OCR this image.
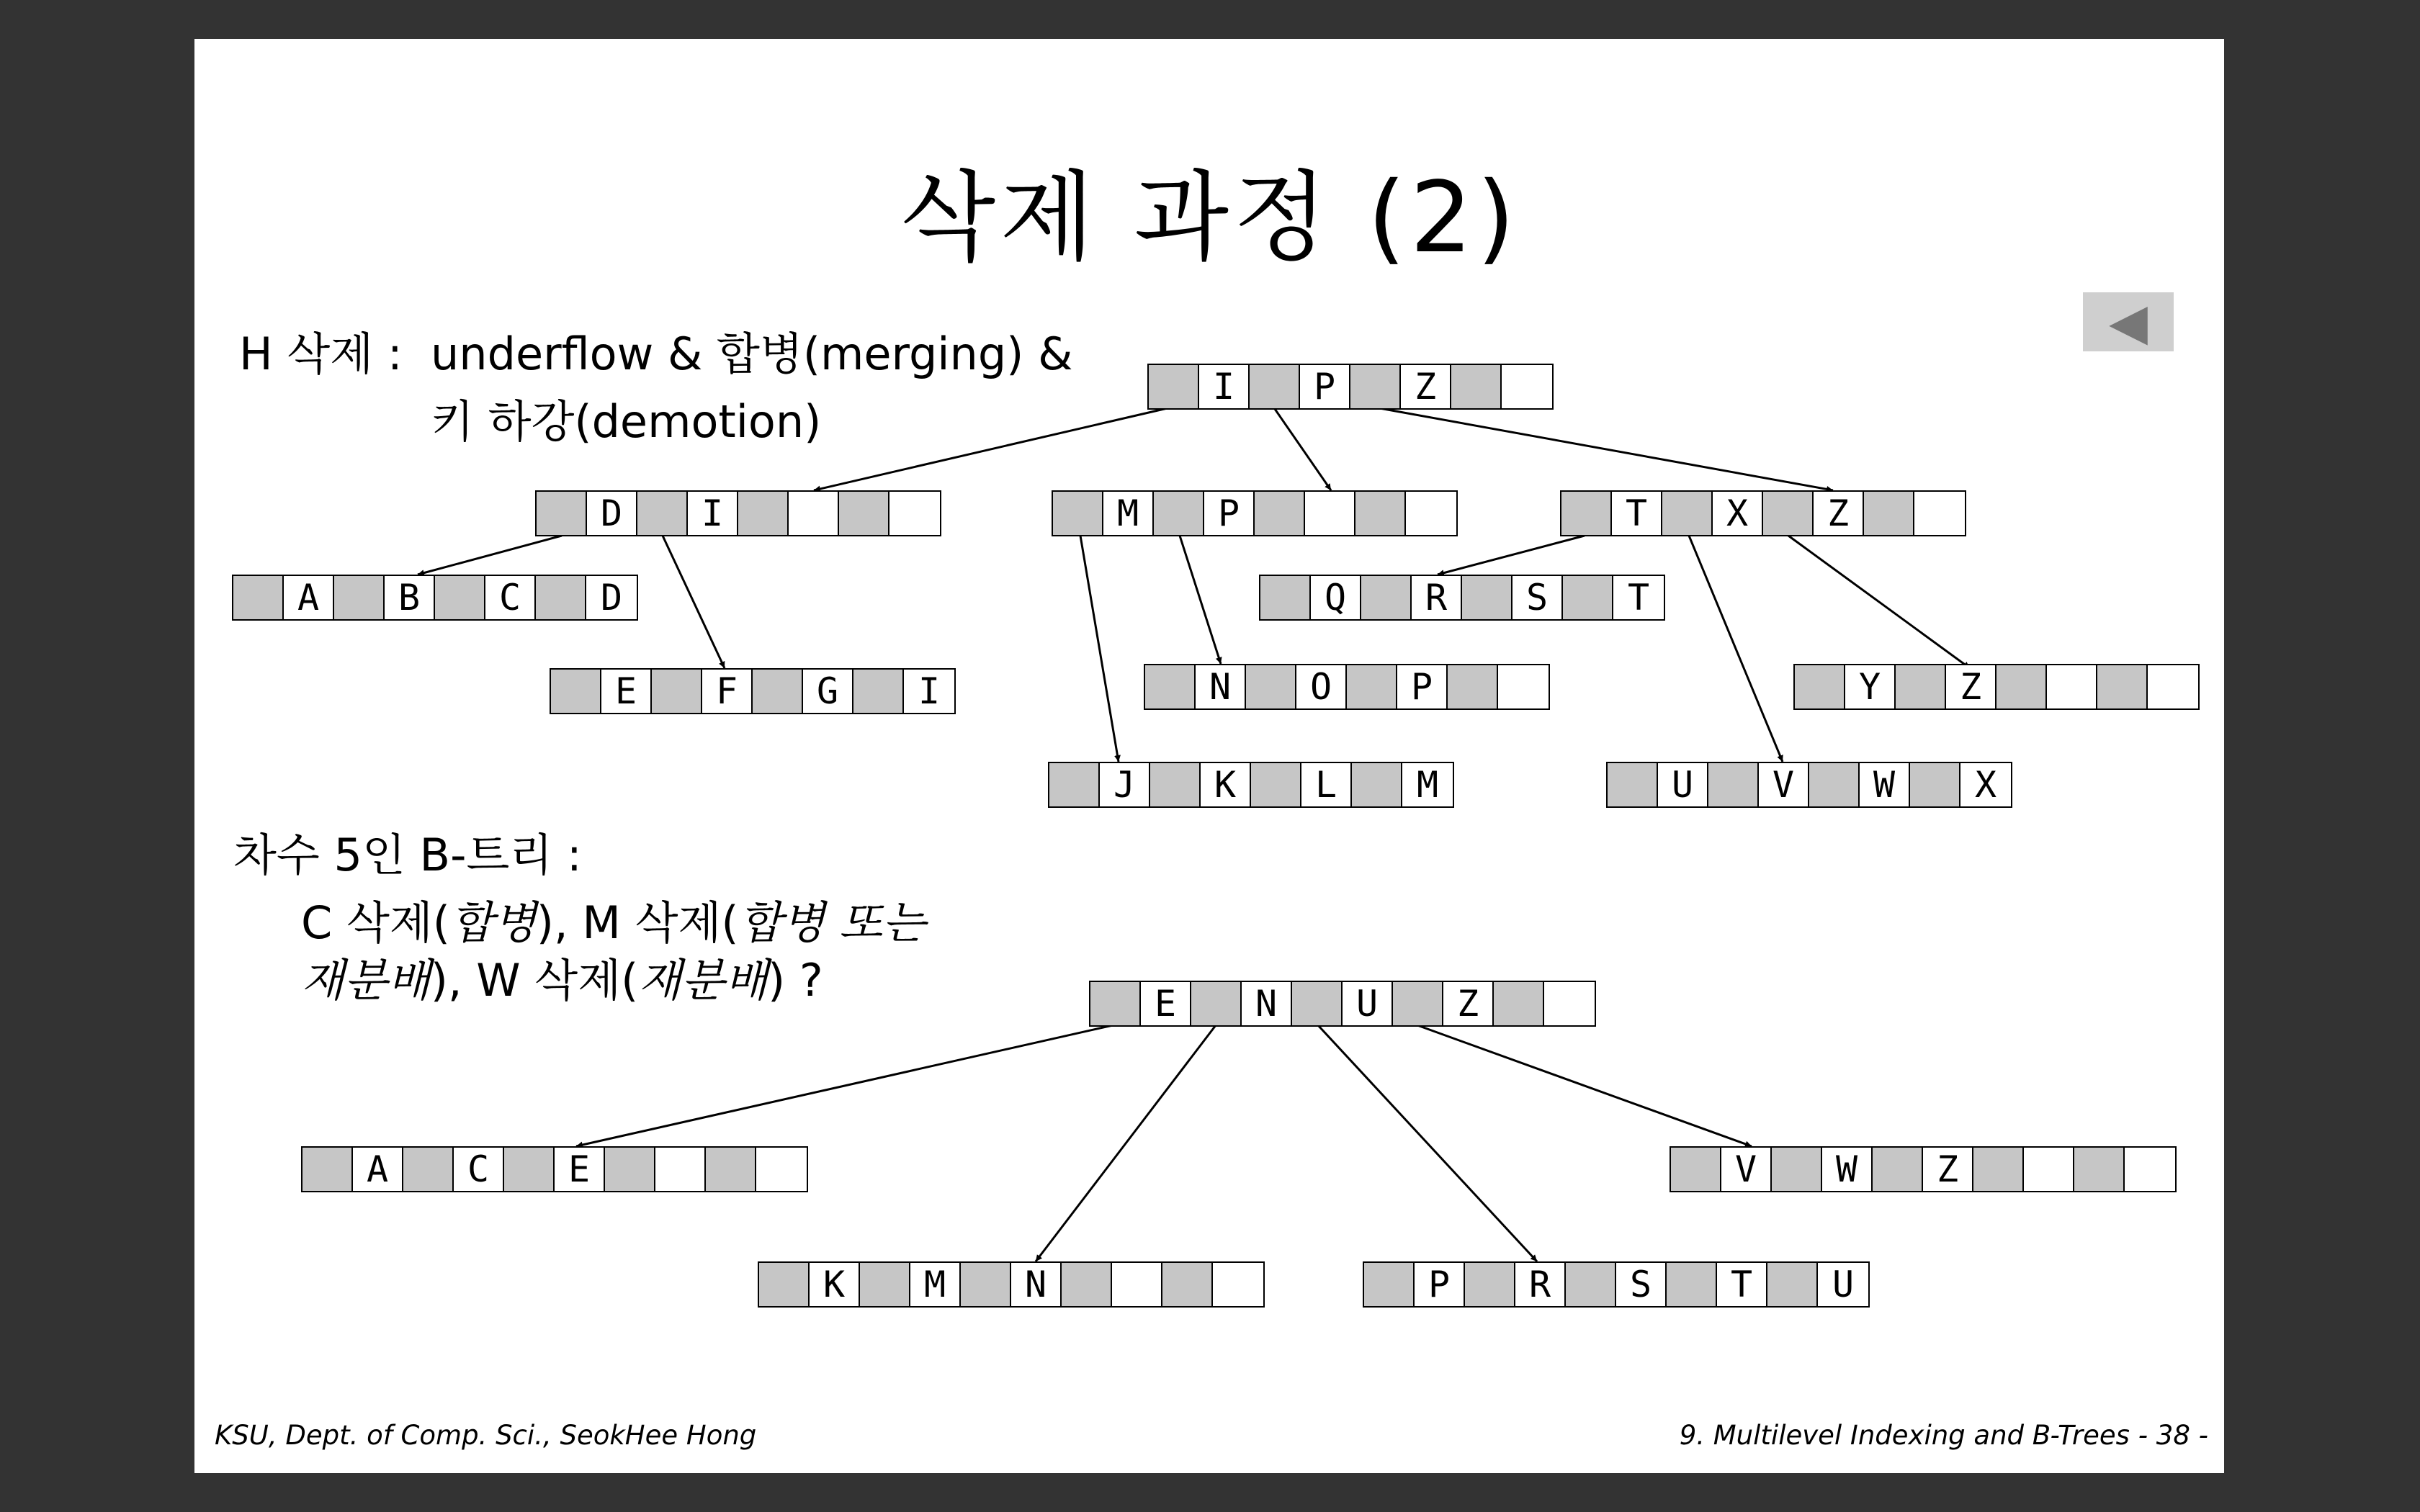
삭제 과정 (2)
◀
H 삭제 : underflow & 합병(merging) &
키 하강(demotion)
차수 5인 B-트리 :
C 삭제(합병), M 삭제(합병 또는
재분배), W 삭제(재분배) ?
I	P	Z
D	I	M	P	T	X	Z
A	B	C	D
E	F	G	I
Q	R	S	T
N	O	P	Y	Z
J	K	L	M	U	V	W	X
E	N	U	Z
A	C	E
K	M	N	P	R	S	T	U
V	W	Z
KSU, Dept. of Comp. Sci., SeokHee Hong	9. Multilevel Indexing and B-Trees - 38 -
